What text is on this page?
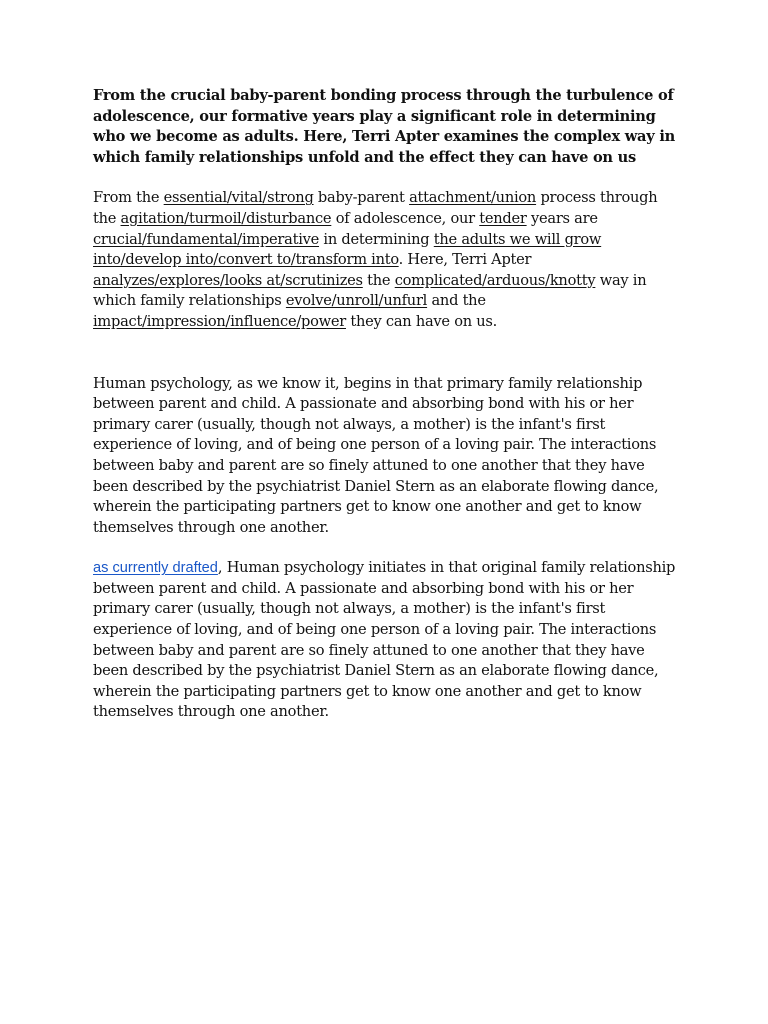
From the crucial baby-parent bonding process through the turbulence of adolescence, our formative years play a significant role in determining who we become as adults. Here, Terri Apter examines the complex way in which family relationships unfold and the effect they can have on us

From the essential/vital/strong baby-parent attachment/union process through the agitation/turmoil/disturbance of adolescence, our tender years are crucial/fundamental/imperative in determining the adults we will grow into/develop into/convert to/transform into. Here, Terri Apter analyzes/explores/looks at/scrutinizes the complicated/arduous/knotty way in which family relationships evolve/unroll/unfurl and the impact/impression/influence/power they can have on us.

Human psychology, as we know it, begins in that primary family relationship between parent and child. A passionate and absorbing bond with his or her primary carer (usually, though not always, a mother) is the infant's first experience of loving, and of being one person of a loving pair. The interactions between baby and parent are so finely attuned to one another that they have been described by the psychiatrist Daniel Stern as an elaborate flowing dance, wherein the participating partners get to know one another and get to know themselves through one another.

as currently drafted, Human psychology initiates in that original family relationship between parent and child. A passionate and absorbing bond with his or her primary carer (usually, though not always, a mother) is the infant's first experience of loving, and of being one person of a loving pair. The interactions between baby and parent are so finely attuned to one another that they have been described by the psychiatrist Daniel Stern as an elaborate flowing dance, wherein the participating partners get to know one another and get to know themselves through one another.
